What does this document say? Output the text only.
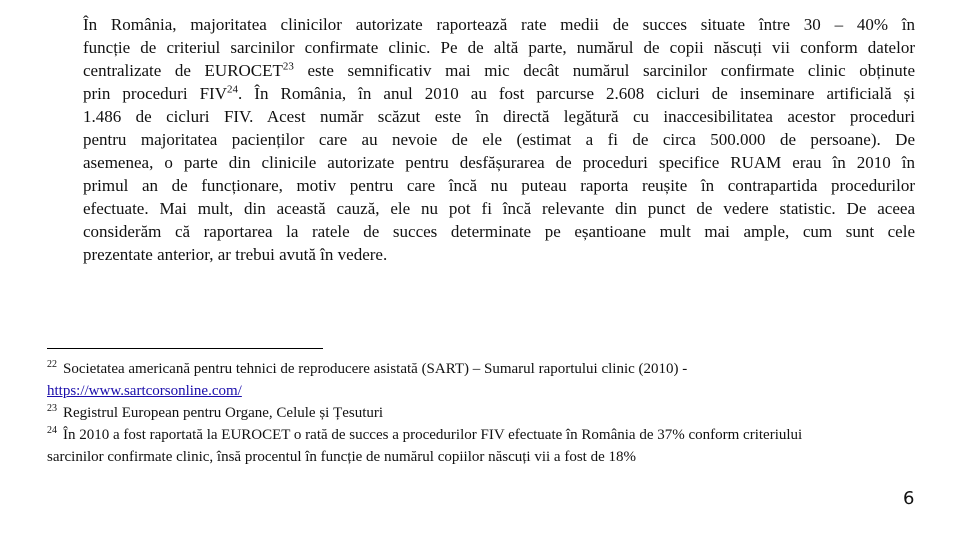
În România, majoritatea clinicilor autorizate raportează rate medii de succes situate între 30 – 40% în
funcție de criteriul sarcinilor confirmate clinic. Pe de altă parte, numărul de copii născuți vii conform datelor
centralizate de EUROCET$^{23}$ este semnificativ mai mic decât numărul sarcinilor confirmate clinic obținute
prin proceduri FIV$^{24}$. În România, în anul 2010 au fost parcurse 2.608 cicluri de inseminare artificială și
1.486 de cicluri FIV. Acest număr scăzut este în directă legătură cu inaccesibilitatea acestor proceduri
pentru majoritatea pacienților care au nevoie de ele (estimat a fi de circa 500.000 de persoane). De
asemenea, o parte din clinicile autorizate pentru desfășurarea de proceduri specifice RUAM erau în 2010 în
primul an de funcționare, motiv pentru care încă nu puteau raporta reușite în contrapartida procedurilor
efectuate. Mai mult, din această cauză, ele nu pot fi încă relevante din punct de vedere statistic. De aceea
considerăm că raportarea la ratele de succes determinate pe eșantioane mult mai ample, cum sunt cele
prezentate anterior, ar trebui avută în vedere.

$^{22}$ Societatea americană pentru tehnici de reproducere asistată (SART) – Sumarul raportului clinic (2010) -
https://www.sartcorsonline.com/
$^{23}$ Registrul European pentru Organe, Celule și Țesuturi
$^{24}$ În 2010 a fost raportată la EUROCET o rată de succes a procedurilor FIV efectuate în România de 37% conform criteriului
sarcinilor confirmate clinic, însă procentul în funcție de numărul copiilor născuți vii a fost de 18%
6
